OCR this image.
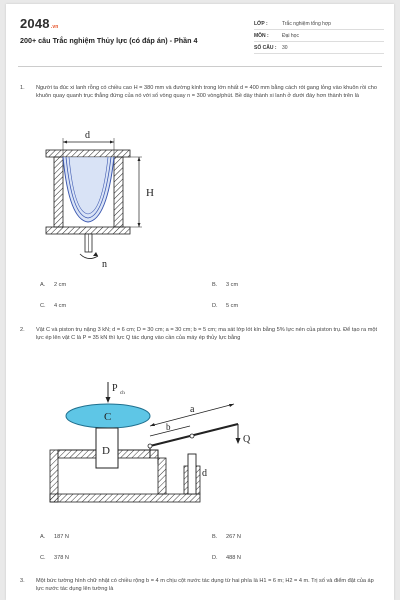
2048.vn
200+ câu Trắc nghiệm Thủy lực (có đáp án) - Phần 4
LỚP :	Trắc nghiệm tổng hợp
MÔN :	Đại học
SỐ CÂU :	30
1.	Người ta đúc xi lanh rỗng có chiều cao H = 380 mm và đường kính trong lớn nhất d = 400 mm bằng cách rót gang lỏng vào khuôn rồi cho khuôn quay quanh trục thẳng đứng của nó với số vòng quay n = 300 vòng/phút. Bề dày thành xi lanh ở dưới đáy hơn thành trên là
d
H
n
A. 2 cm	B. 3 cm
C. 4 cm	D. 5 cm
2.	Vật C và piston trụ nặng 3 kN; d = 6 cm; D = 30 cm; a = 30 cm; b = 5 cm; ma sát lớp lót kín bằng 5% lực nén của piston trụ. Để tạo ra một lực ép lên vật C là P = 35 kN thì lực Q tác dụng vào cần của máy ép thủy lực bằng
P ch
C
D
d
Q
a
b
A. 187 N	B. 267 N
C. 378 N	D. 488 N
3.	Một bức tường hình chữ nhật có chiều rộng b = 4 m chịu cột nước tác dụng từ hai phía là H1 = 6 m; H2 = 4 m. Trị số và điểm đặt của áp lực nước tác dụng lên tường là
